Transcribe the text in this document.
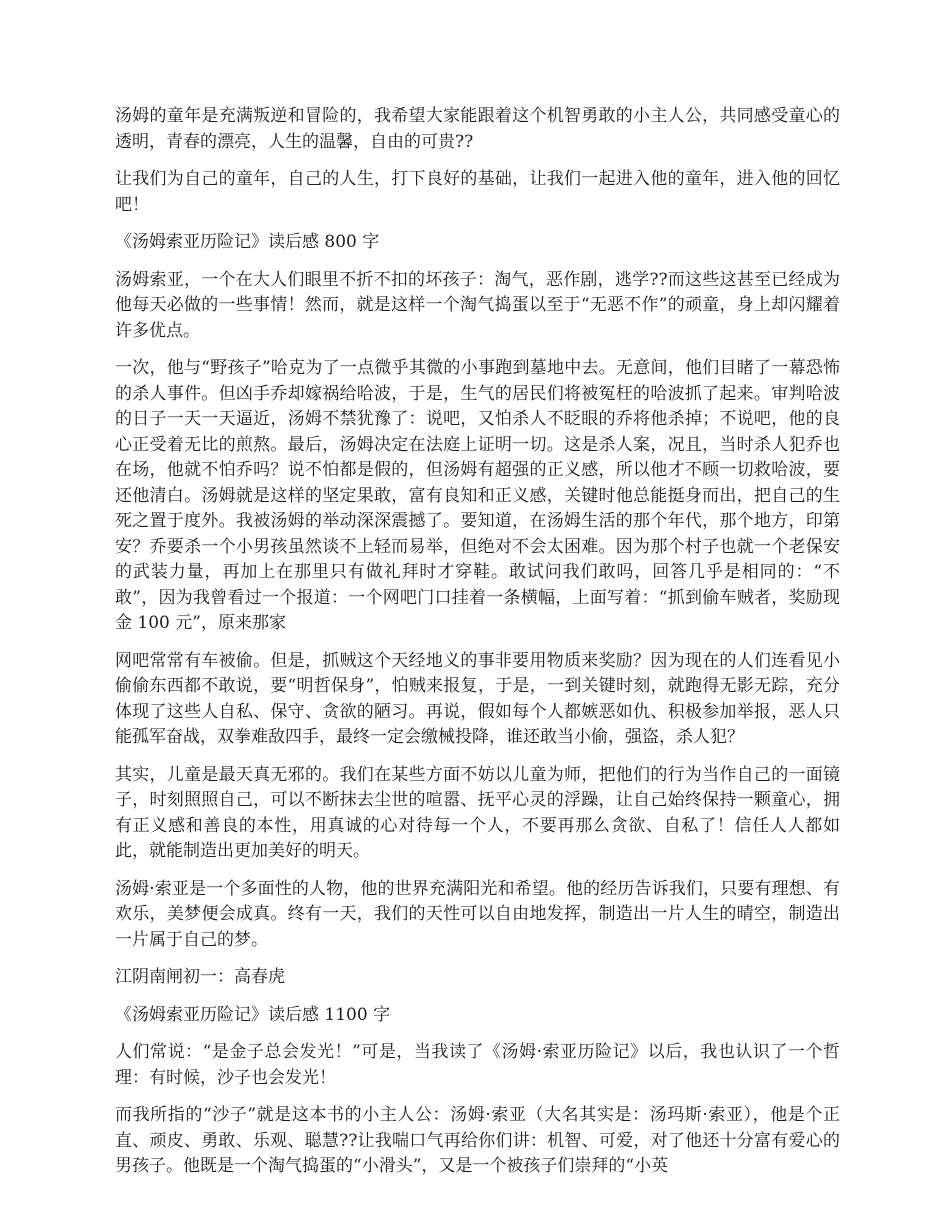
汤姆的童年是充满叛逆和冒险的，我希望大家能跟着这个机智勇敢的小主人公，共同感受童心的透明，青春的漂亮，人生的温馨，自由的可贵??

让我们为自己的童年，自己的人生，打下良好的基础，让我们一起进入他的童年，进入他的回忆吧！

《汤姆索亚历险记》读后感 800 字

汤姆索亚，一个在大人们眼里不折不扣的坏孩子：淘气，恶作剧，逃学??而这些这甚至已经成为他每天必做的一些事情！然而，就是这样一个淘气捣蛋以至于“无恶不作”的顽童，身上却闪耀着许多优点。

一次，他与“野孩子”哈克为了一点微乎其微的小事跑到墓地中去。无意间，他们目睹了一幕恐怖的杀人事件。但凶手乔却嫁祸给哈波，于是，生气的居民们将被冤枉的哈波抓了起来。审判哈波的日子一天一天逼近，汤姆不禁犹豫了：说吧，又怕杀人不眨眼的乔将他杀掉；不说吧，他的良心正受着无比的煎熬。最后，汤姆决定在法庭上证明一切。这是杀人案，况且，当时杀人犯乔也在场，他就不怕乔吗？说不怕都是假的，但汤姆有超强的正义感，所以他才不顾一切救哈波，要还他清白。汤姆就是这样的坚定果敢，富有良知和正义感，关键时他总能挺身而出，把自己的生死之置于度外。我被汤姆的举动深深震撼了。要知道，在汤姆生活的那个年代，那个地方，印第安？乔要杀一个小男孩虽然谈不上轻而易举，但绝对不会太困难。因为那个村子也就一个老保安的武装力量，再加上在那里只有做礼拜时才穿鞋。敢试问我们敢吗，回答几乎是相同的：“不敢”，因为我曾看过一个报道：一个网吧门口挂着一条横幅，上面写着：“抓到偷车贼者，奖励现金 100 元”，原来那家

网吧常常有车被偷。但是，抓贼这个天经地义的事非要用物质来奖励？因为现在的人们连看见小偷偷东西都不敢说，要“明哲保身”，怕贼来报复，于是，一到关键时刻，就跑得无影无踪，充分体现了这些人自私、保守、贪欲的陋习。再说，假如每个人都嫉恶如仇、积极参加举报，恶人只能孤军奋战，双拳难敌四手，最终一定会缴械投降，谁还敢当小偷，强盗，杀人犯？

其实，儿童是最天真无邪的。我们在某些方面不妨以儿童为师，把他们的行为当作自己的一面镜子，时刻照照自己，可以不断抹去尘世的喧嚣、抚平心灵的浮躁，让自己始终保持一颗童心，拥有正义感和善良的本性，用真诚的心对待每一个人，不要再那么贪欲、自私了！信任人人都如此，就能制造出更加美好的明天。

汤姆·索亚是一个多面性的人物，他的世界充满阳光和希望。他的经历告诉我们，只要有理想、有欢乐，美梦便会成真。终有一天，我们的天性可以自由地发挥，制造出一片人生的晴空，制造出一片属于自己的梦。

江阴南闸初一：高春虎

《汤姆索亚历险记》读后感 1100 字

人们常说：“是金子总会发光！”可是，当我读了《汤姆·索亚历险记》以后，我也认识了一个哲理：有时候，沙子也会发光！

而我所指的“沙子”就是这本书的小主人公：汤姆·索亚（大名其实是：汤玛斯·索亚），他是个正直、顽皮、勇敢、乐观、聪慧??让我喘口气再给你们讲：机智、可爱，对了他还十分富有爱心的男孩子。他既是一个淘气捣蛋的“小滑头”，又是一个被孩子们崇拜的“小英
